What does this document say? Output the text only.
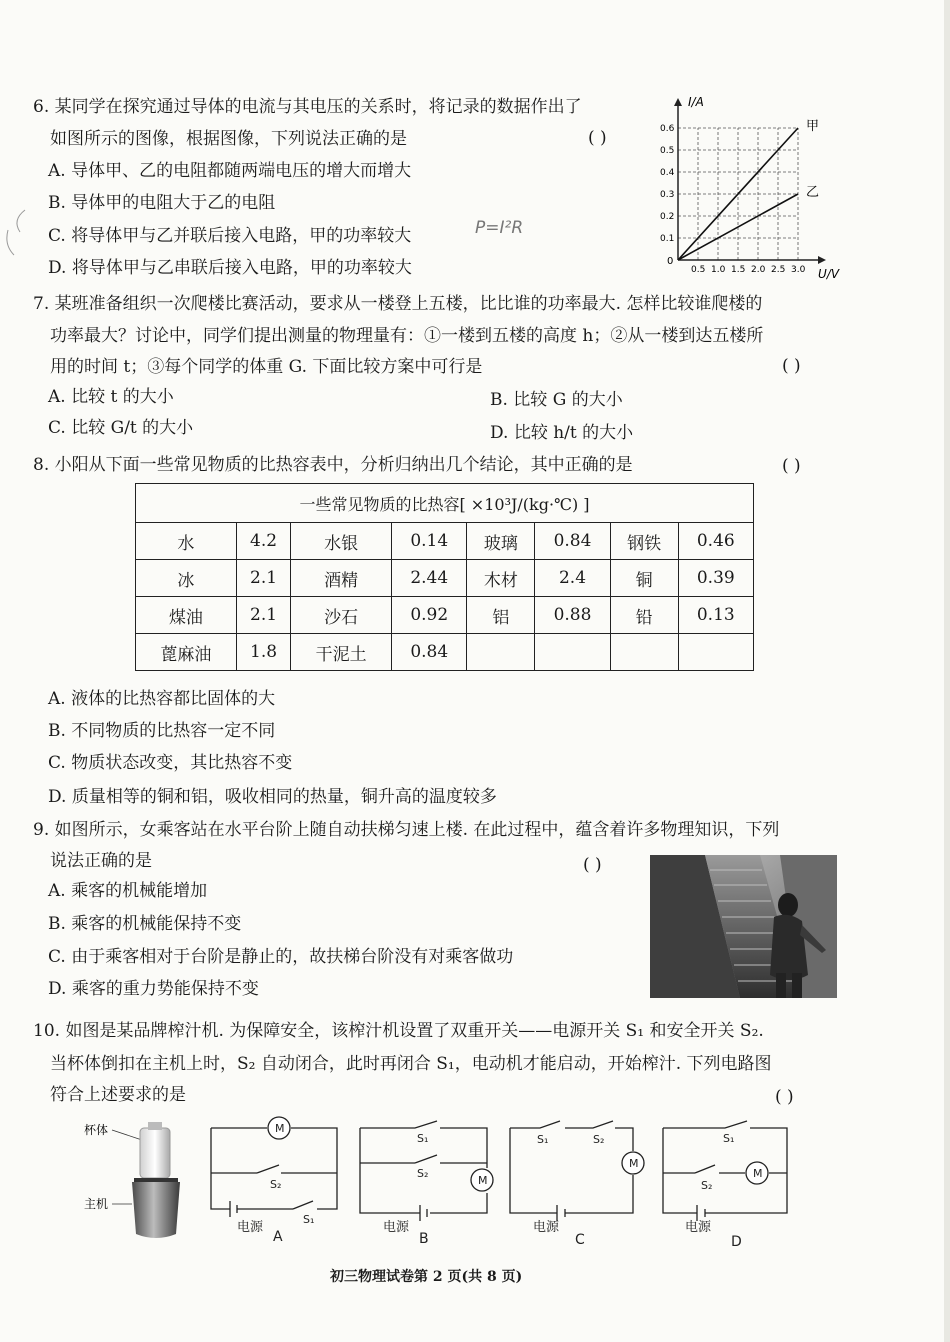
6. 某同学在探究通过导体的电流与其电压的关系时，将记录的数据作出了
如图所示的图像，根据图像，下列说法正确的是	( )
A. 导体甲、乙的电阻都随两端电压的增大而增大
B. 导体甲的电阻大于乙的电阻
C. 将导体甲与乙并联后接入电路，甲的功率较大
D. 将导体甲与乙串联后接入电路，甲的功率较大
P=I²R
I/A
U/V
0
0.5 1.0 1.5 2.0 2.5 3.0
0.1
0.2
0.3
0.4
0.5
0.6	甲
乙
7. 某班准备组织一次爬楼比赛活动，要求从一楼登上五楼，比比谁的功率最大. 怎样比较谁爬楼的
功率最大？讨论中，同学们提出测量的物理量有：①一楼到五楼的高度 h；②从一楼到达五楼所
用的时间 t；③每个同学的体重 G. 下面比较方案中可行是	( )
A. 比较 t 的大小	B. 比较 G 的大小
C. 比较 G/t 的大小	D. 比较 h/t 的大小
8. 小阳从下面一些常见物质的比热容表中，分析归纳出几个结论，其中正确的是	( )
一些常见物质的比热容[ ×10³J/(kg·℃) ]							
水	4.2	水银	0.14	玻璃	0.84	钢铁	0.46
冰	2.1	酒精	2.44	木材	2.4	铜	0.39
煤油	2.1	沙石	0.92	铝	0.88	铅	0.13
蓖麻油	1.8	干泥土	0.84				
A. 液体的比热容都比固体的大
B. 不同物质的比热容一定不同
C. 物质状态改变，其比热容不变
D. 质量相等的铜和铝，吸收相同的热量，铜升高的温度较多
9. 如图所示，女乘客站在水平台阶上随自动扶梯匀速上楼. 在此过程中，蕴含着许多物理知识，下列
说法正确的是	( )
A. 乘客的机械能增加
B. 乘客的机械能保持不变
C. 由于乘客相对于台阶是静止的，故扶梯台阶没有对乘客做功
D. 乘客的重力势能保持不变
10. 如图是某品牌榨汁机. 为保障安全，该榨汁机设置了双重开关——电源开关 S₁ 和安全开关 S₂.
当杯体倒扣在主机上时，S₂ 自动闭合，此时再闭合 S₁，电动机才能启动，开始榨汁. 下列电路图
符合上述要求的是	( )
杯体
主机
M
M
M
M
S₂
S₁
S₁
S₂
S₁	S₂	S₁
S₂
电源	电源	电源	电源
A	B	C	D
初三物理试卷第 2 页(共 8 页)
